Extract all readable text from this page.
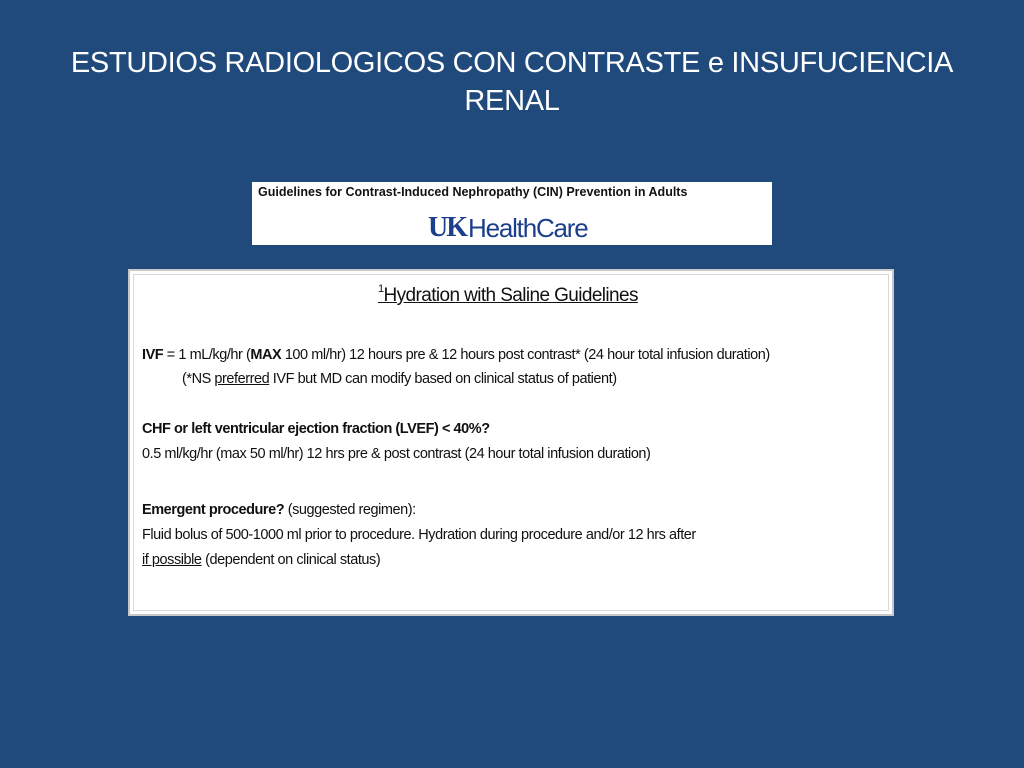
ESTUDIOS RADIOLOGICOS CON CONTRASTE e INSUFUCIENCIA
RENAL
Guidelines for Contrast-Induced Nephropathy (CIN) Prevention in Adults
UK HealthCare
$^1$Hydration with Saline Guidelines
IVF = 1 mL/kg/hr (MAX 100 ml/hr) 12 hours pre & 12 hours post contrast* (24 hour total infusion duration)
(*NS preferred IVF but MD can modify based on clinical status of patient)
CHF or left ventricular ejection fraction (LVEF) < 40%?
0.5 ml/kg/hr (max 50 ml/hr) 12 hrs pre & post contrast (24 hour total infusion duration)
Emergent procedure? (suggested regimen):
Fluid bolus of 500-1000 ml prior to procedure. Hydration during procedure and/or 12 hrs after
if possible (dependent on clinical status)
